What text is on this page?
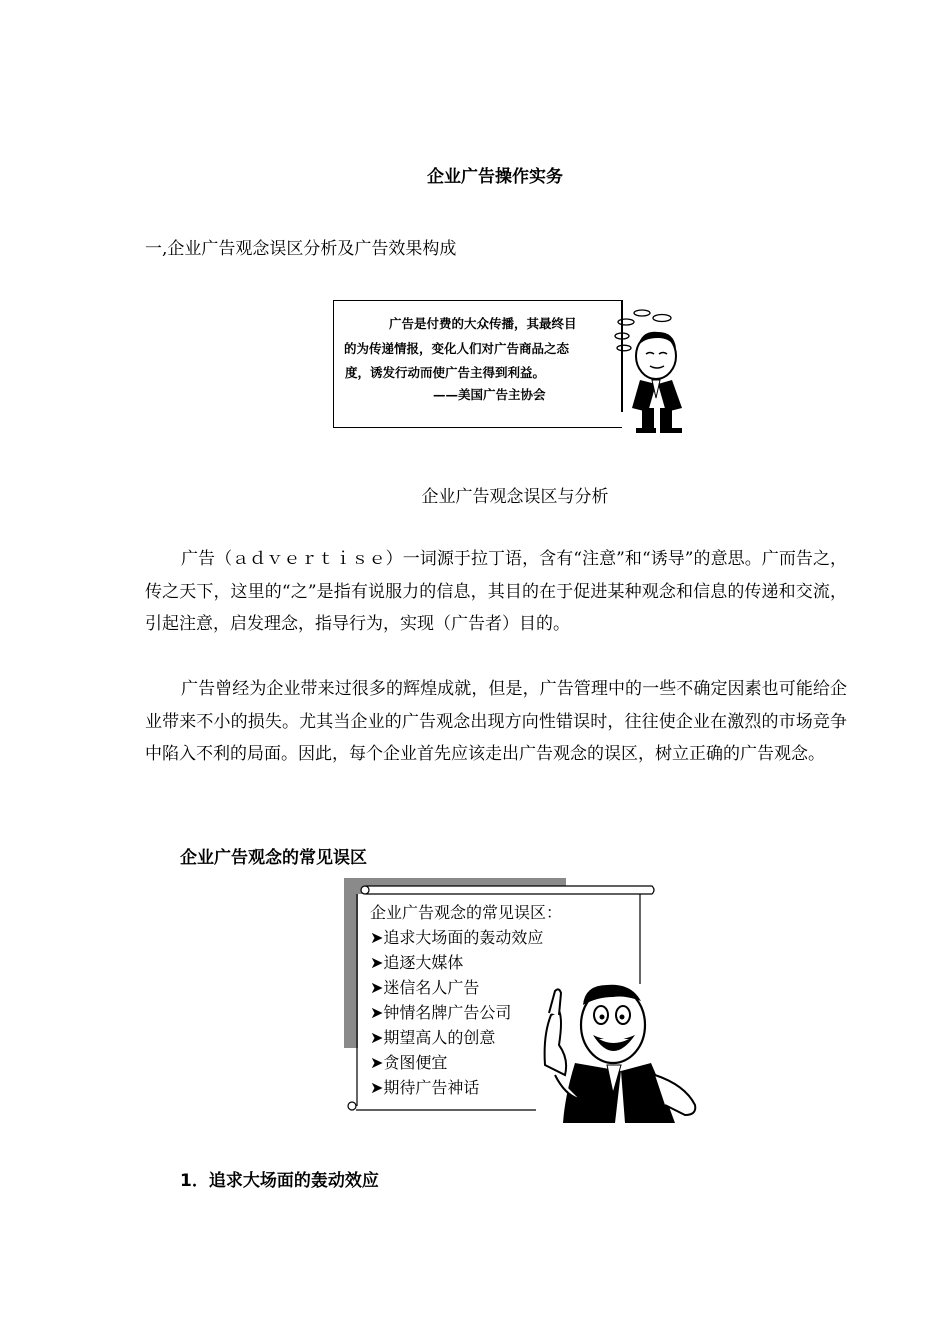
企业广告操作实务
一,企业广告观念误区分析及广告效果构成
广告是付费的大众传播，其最终目
的为传递情报，变化人们对广告商品之态
度，诱发行动而使广告主得到利益。
——美国广告主协会
企业广告观念误区与分析
广告（ａｄｖｅｒｔｉｓｅ）一词源于拉丁语，含有“注意”和“诱导”的意思。广而告之，传之天下，这里的“之”是指有说服力的信息，其目的在于促进某种观念和信息的传递和交流，引起注意，启发理念，指导行为，实现（广告者）目的。
广告曾经为企业带来过很多的辉煌成就，但是，广告管理中的一些不确定因素也可能给企业带来不小的损失。尤其当企业的广告观念出现方向性错误时，往往使企业在激烈的市场竞争中陷入不利的局面。因此，每个企业首先应该走出广告观念的误区，树立正确的广告观念。
企业广告观念的常见误区
企业广告观念的常见误区：
➤追求大场面的轰动效应
➤追逐大媒体
➤迷信名人广告
➤钟情名牌广告公司
➤期望高人的创意
➤贪图便宜
➤期待广告神话
1．追求大场面的轰动效应
